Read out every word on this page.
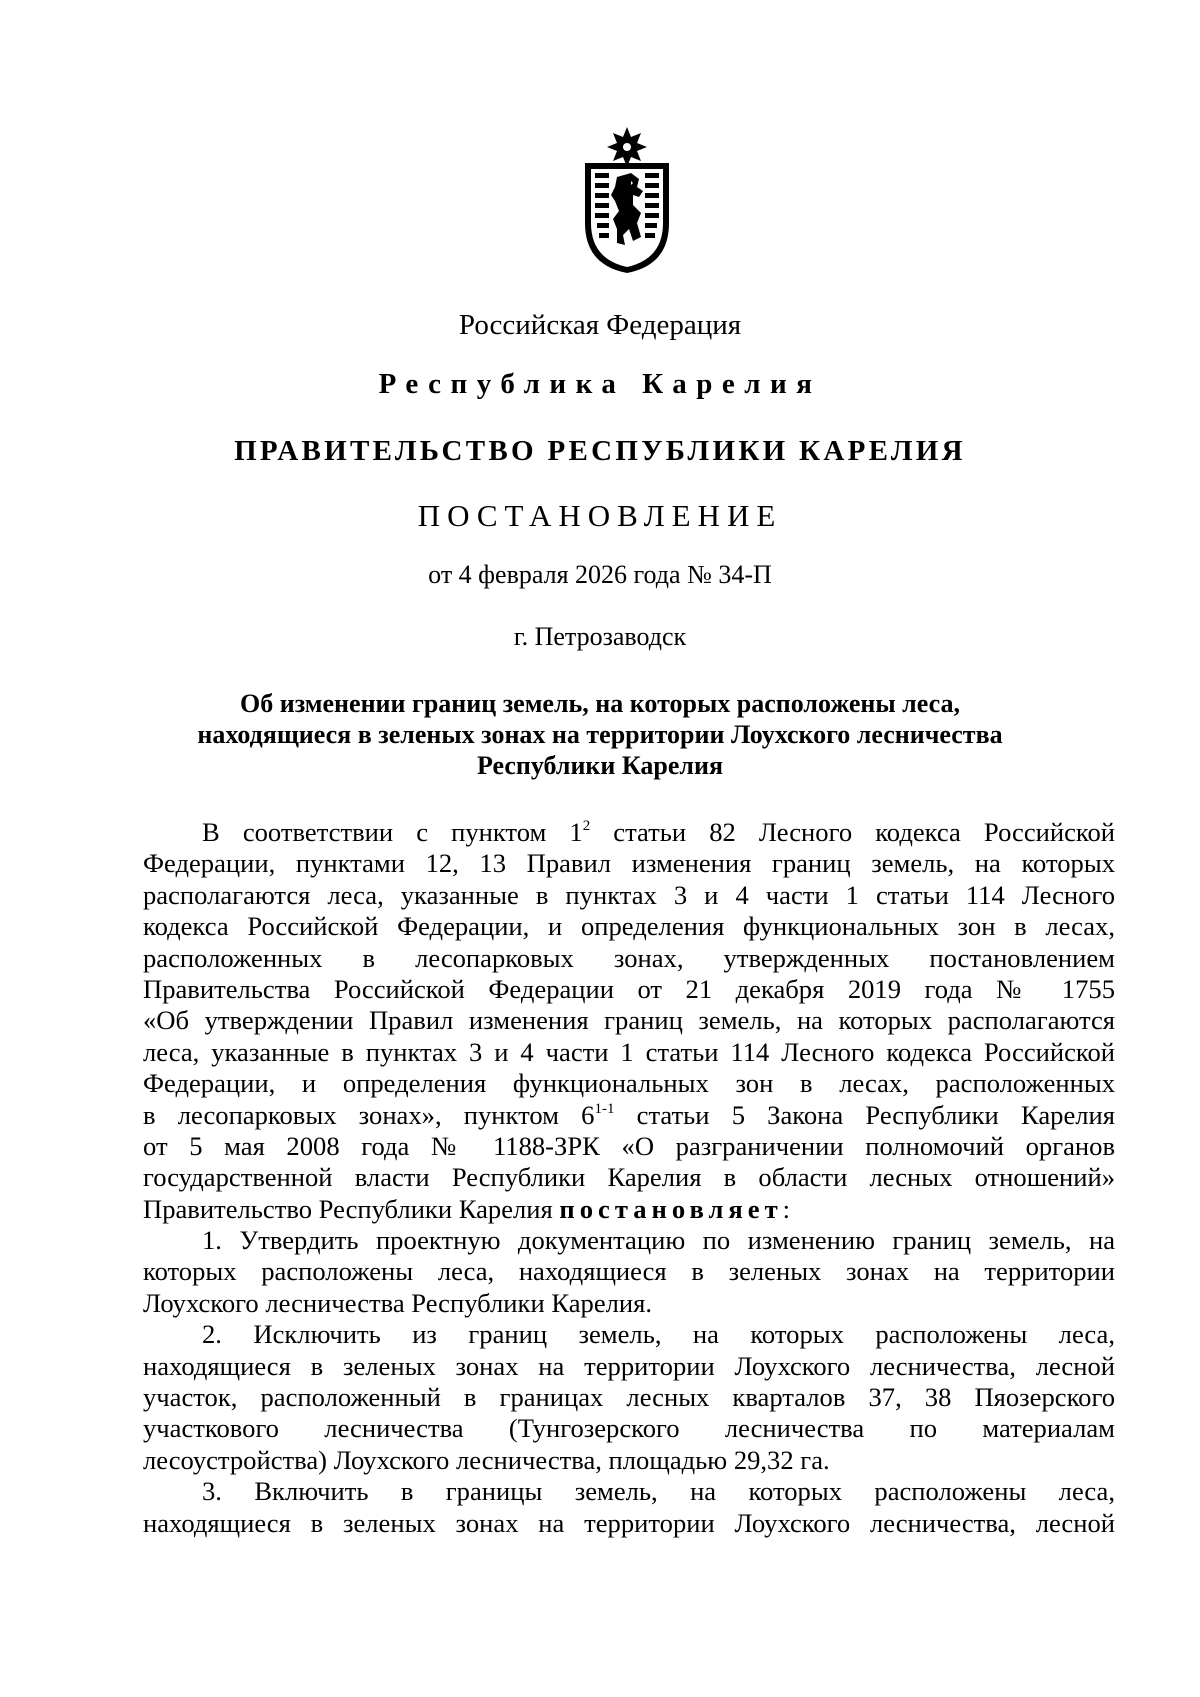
Российская Федерация
Республика Карелия
ПРАВИТЕЛЬСТВО РЕСПУБЛИКИ КАРЕЛИЯ
ПОСТАНОВЛЕНИЕ
от 4 февраля 2026 года № 34-П
г. Петрозаводск
Об изменении границ земель, на которых расположены леса,
находящиеся в зеленых зонах на территории Лоухского лесничества
Республики Карелия
В соответствии с пунктом $1^2$ статьи 82 Лесного кодекса Российской
Федерации, пунктами 12, 13 Правил изменения границ земель, на которых
располагаются леса, указанные в пунктах 3 и 4 части 1 статьи 114 Лесного
кодекса Российской Федерации, и определения функциональных зон в лесах,
расположенных в лесопарковых зонах, утвержденных постановлением
Правительства Российской Федерации от 21 декабря 2019 года № 1755
«Об утверждении Правил изменения границ земель, на которых располагаются
леса, указанные в пунктах 3 и 4 части 1 статьи 114 Лесного кодекса Российской
Федерации, и определения функциональных зон в лесах, расположенных
в лесопарковых зонах», пунктом 6$^{1-1}$ статьи 5 Закона Республики Карелия
от 5 мая 2008 года № 1188-ЗРК «О разграничении полномочий органов
государственной власти Республики Карелия в области лесных отношений»
Правительство Республики Карелия постановляет:
1. Утвердить проектную документацию по изменению границ земель, на
которых расположены леса, находящиеся в зеленых зонах на территории
Лоухского лесничества Республики Карелия.
2. Исключить из границ земель, на которых расположены леса,
находящиеся в зеленых зонах на территории Лоухского лесничества, лесной
участок, расположенный в границах лесных кварталов 37, 38 Пяозерского
участкового лесничества (Тунгозерского лесничества по материалам
лесоустройства) Лоухского лесничества, площадью 29,32 га.
3. Включить в границы земель, на которых расположены леса,
находящиеся в зеленых зонах на территории Лоухского лесничества, лесной
